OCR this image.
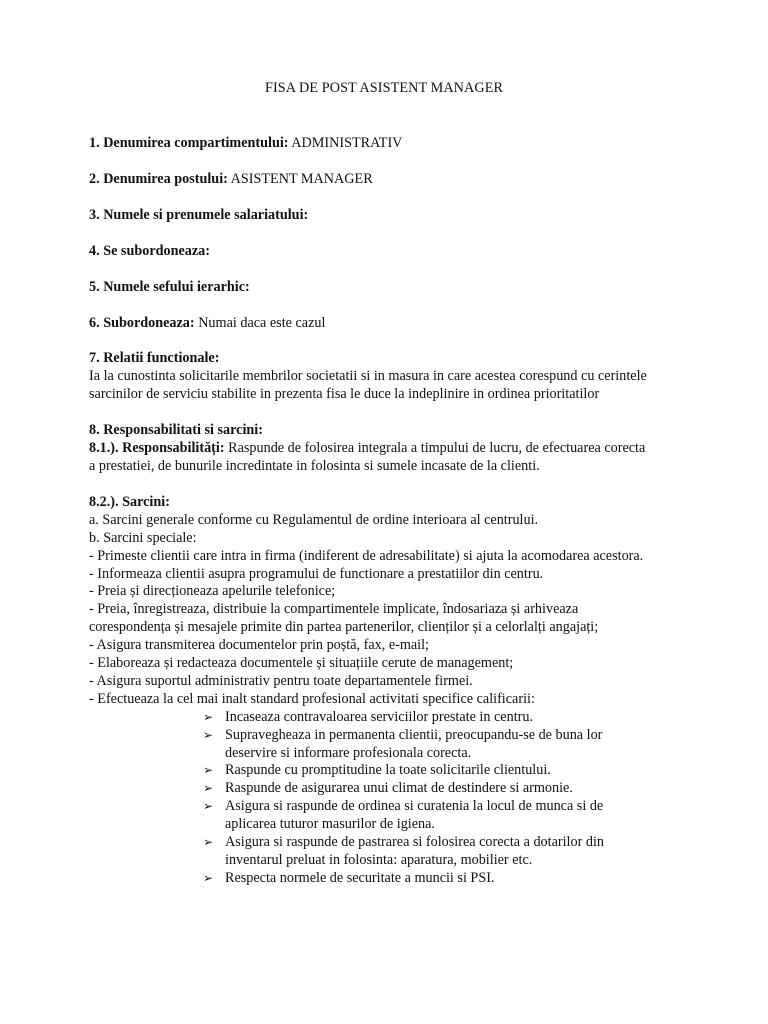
FISA DE POST ASISTENT MANAGER

1. Denumirea compartimentului: ADMINISTRATIV

2. Denumirea postului: ASISTENT MANAGER

3. Numele si prenumele salariatului:

4. Se subordoneaza:

5. Numele sefului ierarhic:

6. Subordoneaza: Numai daca este cazul

7. Relatii functionale:

Ia la cunostinta solicitarile membrilor societatii si in masura in care acestea corespund cu cerintele sarcinilor de serviciu stabilite in prezenta fisa le duce la indeplinire in ordinea prioritatilor

8. Responsabilitati si sarcini:

8.1.). Responsabilități: Raspunde de folosirea integrala a timpului de lucru, de efectuarea corecta a prestatiei, de bunurile incredintate in folosinta si sumele incasate de la clienti.

8.2.). Sarcini:

a. Sarcini generale conforme cu Regulamentul de ordine interioara al centrului.

b. Sarcini speciale:

- Primeste clientii care intra in firma (indiferent de adresabilitate) si ajuta la acomodarea acestora.

- Informeaza clientii asupra programului de functionare a prestatiilor din centru.

- Preia și direcționeaza apelurile telefonice;

- Preia, înregistreaza, distribuie la compartimentele implicate, îndosariaza și arhiveaza corespondența și mesajele primite din partea partenerilor, clienților și a celorlalți angajați;

- Asigura transmiterea documentelor prin poștă, fax, e-mail;

- Elaboreaza și redacteaza documentele și situațiile cerute de management;

- Asigura suportul administrativ pentru toate departamentele firmei.

- Efectueaza la cel mai inalt standard profesional activitati specifice calificarii:

➢ Incaseaza contravaloarea serviciilor prestate in centru.
➢ Supravegheaza in permanenta clientii, preocupandu-se de buna lor deservire si informare profesionala corecta.
➢ Raspunde cu promptitudine la toate solicitarile clientului.
➢ Raspunde de asigurarea unui climat de destindere si armonie.
➢ Asigura si raspunde de ordinea si curatenia la locul de munca si de aplicarea tuturor masurilor de igiena.
➢ Asigura si raspunde de pastrarea si folosirea corecta a dotarilor din inventarul preluat in folosinta: aparatura, mobilier etc.
➢ Respecta normele de securitate a muncii si PSI.
